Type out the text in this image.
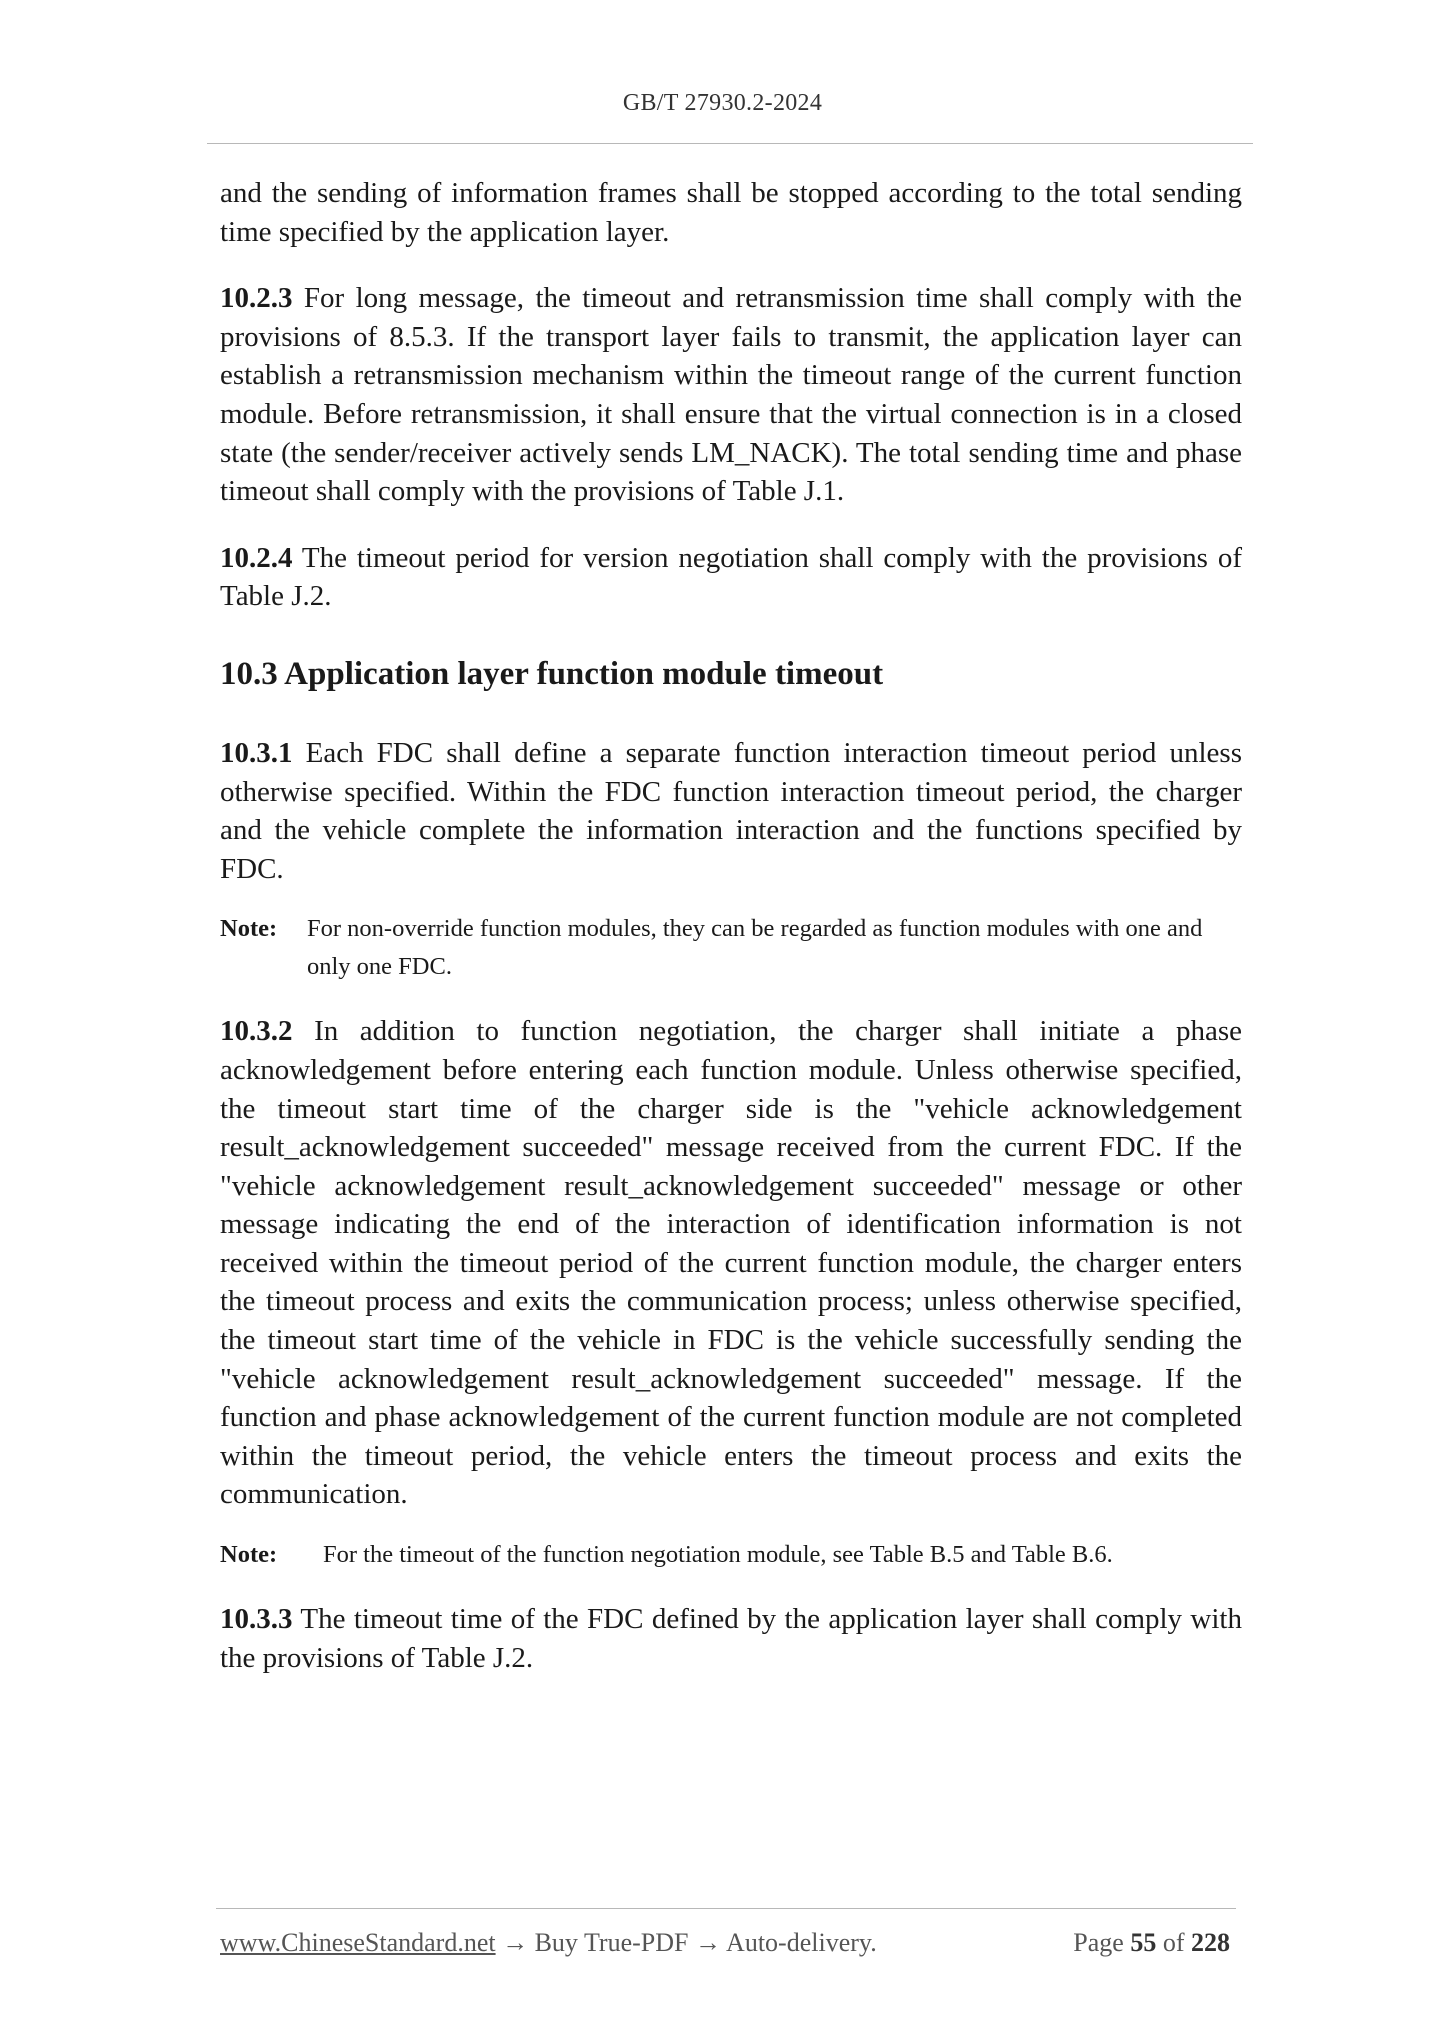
GB/T 27930.2-2024

and the sending of information frames shall be stopped according to the total sending time specified by the application layer.

10.2.3 For long message, the timeout and retransmission time shall comply with the provisions of 8.5.3. If the transport layer fails to transmit, the application layer can establish a retransmission mechanism within the timeout range of the current function module. Before retransmission, it shall ensure that the virtual connection is in a closed state (the sender/receiver actively sends LM_NACK). The total sending time and phase timeout shall comply with the provisions of Table J.1.

10.2.4 The timeout period for version negotiation shall comply with the provisions of Table J.2.

10.3 Application layer function module timeout

10.3.1 Each FDC shall define a separate function interaction timeout period unless otherwise specified. Within the FDC function interaction timeout period, the charger and the vehicle complete the information interaction and the functions specified by FDC.

Note:	For non-override function modules, they can be regarded as function modules with one and only one FDC.

10.3.2 In addition to function negotiation, the charger shall initiate a phase acknowledgement before entering each function module. Unless otherwise specified, the timeout start time of the charger side is the "vehicle acknowledgement result_acknowledgement succeeded" message received from the current FDC. If the "vehicle acknowledgement result_acknowledgement succeeded" message or other message indicating the end of the interaction of identification information is not received within the timeout period of the current function module, the charger enters the timeout process and exits the communication process; unless otherwise specified, the timeout start time of the vehicle in FDC is the vehicle successfully sending the "vehicle acknowledgement result_acknowledgement succeeded" message. If the function and phase acknowledgement of the current function module are not completed within the timeout period, the vehicle enters the timeout process and exits the communication.

Note:	For the timeout of the function negotiation module, see Table B.5 and Table B.6.

10.3.3 The timeout time of the FDC defined by the application layer shall comply with the provisions of Table J.2.

www.ChineseStandard.net → Buy True-PDF → Auto-delivery.	Page 55 of 228
